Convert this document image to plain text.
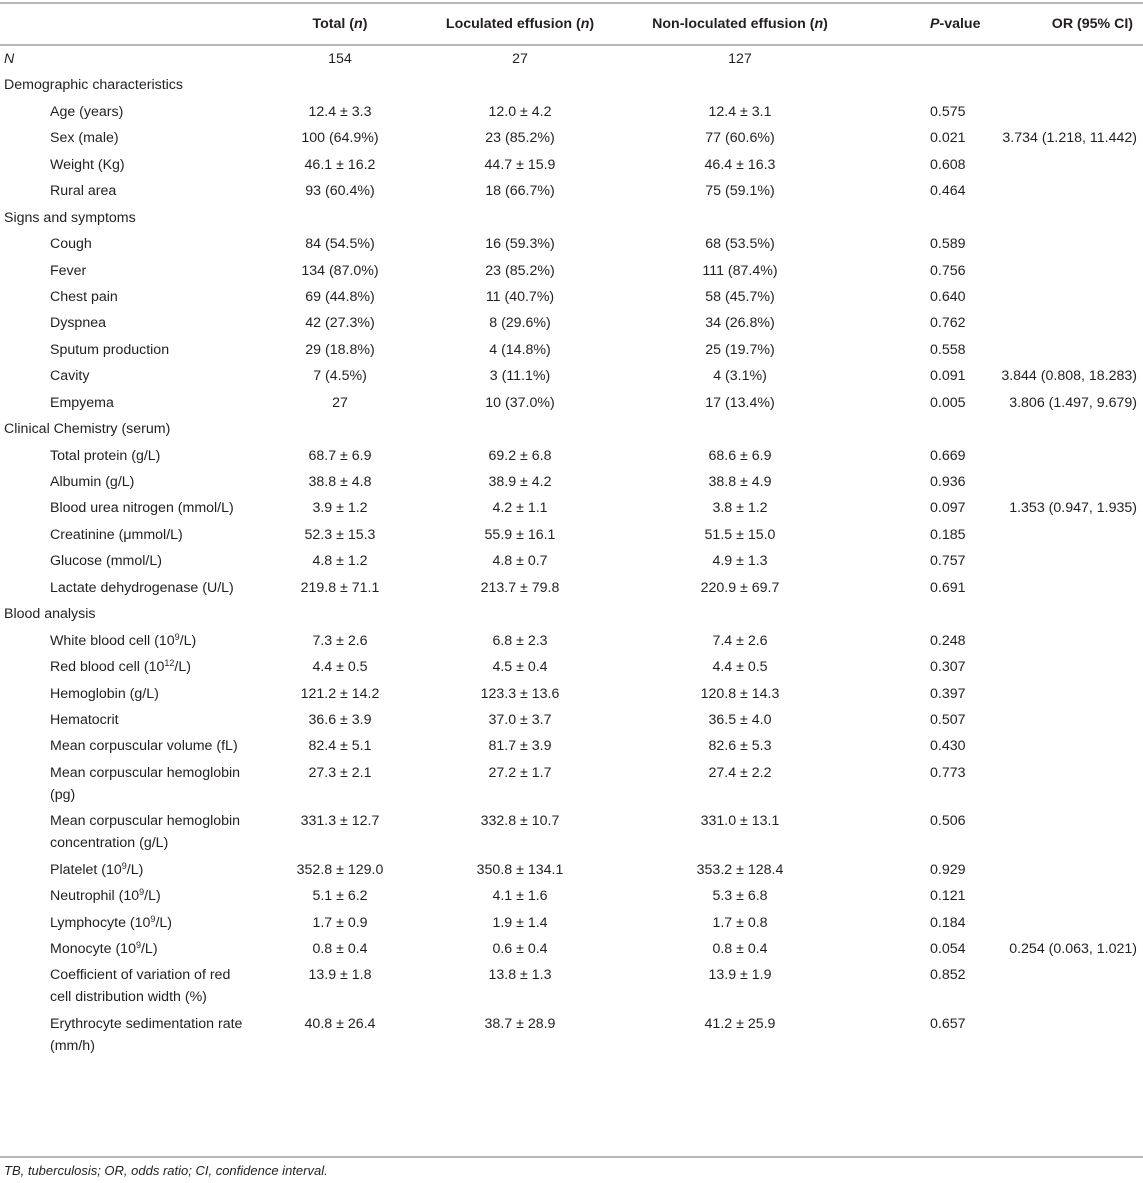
	Total (n)	Loculated effusion (n)	Non-loculated effusion (n)	P-value	OR (95% CI)
N	154	27	127		
Demographic characteristics					
Age (years)	12.4 ± 3.3	12.0 ± 4.2	12.4 ± 3.1	0.575	
Sex (male)	100 (64.9%)	23 (85.2%)	77 (60.6%)	0.021	3.734 (1.218, 11.442)
Weight (Kg)	46.1 ± 16.2	44.7 ± 15.9	46.4 ± 16.3	0.608	
Rural area	93 (60.4%)	18 (66.7%)	75 (59.1%)	0.464	
Signs and symptoms					
Cough	84 (54.5%)	16 (59.3%)	68 (53.5%)	0.589	
Fever	134 (87.0%)	23 (85.2%)	111 (87.4%)	0.756	
Chest pain	69 (44.8%)	11 (40.7%)	58 (45.7%)	0.640	
Dyspnea	42 (27.3%)	8 (29.6%)	34 (26.8%)	0.762	
Sputum production	29 (18.8%)	4 (14.8%)	25 (19.7%)	0.558	
Cavity	7 (4.5%)	3 (11.1%)	4 (3.1%)	0.091	3.844 (0.808, 18.283)
Empyema	27	10 (37.0%)	17 (13.4%)	0.005	3.806 (1.497, 9.679)
Clinical Chemistry (serum)					
Total protein (g/L)	68.7 ± 6.9	69.2 ± 6.8	68.6 ± 6.9	0.669	
Albumin (g/L)	38.8 ± 4.8	38.9 ± 4.2	38.8 ± 4.9	0.936	
Blood urea nitrogen (mmol/L)	3.9 ± 1.2	4.2 ± 1.1	3.8 ± 1.2	0.097	1.353 (0.947, 1.935)
Creatinine (μmmol/L)	52.3 ± 15.3	55.9 ± 16.1	51.5 ± 15.0	0.185	
Glucose (mmol/L)	4.8 ± 1.2	4.8 ± 0.7	4.9 ± 1.3	0.757	
Lactate dehydrogenase (U/L)	219.8 ± 71.1	213.7 ± 79.8	220.9 ± 69.7	0.691	
Blood analysis					
White blood cell $(10^9/L)$	7.3 ± 2.6	6.8 ± 2.3	7.4 ± 2.6	0.248	
Red blood cell $(10^{12}/L)$	4.4 ± 0.5	4.5 ± 0.4	4.4 ± 0.5	0.307	
Hemoglobin (g/L)	121.2 ± 14.2	123.3 ± 13.6	120.8 ± 14.3	0.397	
Hematocrit	36.6 ± 3.9	37.0 ± 3.7	36.5 ± 4.0	0.507	
Mean corpuscular volume (fL)	82.4 ± 5.1	81.7 ± 3.9	82.6 ± 5.3	0.430	
Mean corpuscular hemoglobin (pg)	27.3 ± 2.1	27.2 ± 1.7	27.4 ± 2.2	0.773	
Mean corpuscular hemoglobin concentration (g/L)	331.3 ± 12.7	332.8 ± 10.7	331.0 ± 13.1	0.506	
Platelet $(10^9/L)$	352.8 ± 129.0	350.8 ± 134.1	353.2 ± 128.4	0.929	
Neutrophil $(10^9/L)$	5.1 ± 6.2	4.1 ± 1.6	5.3 ± 6.8	0.121	
Lymphocyte $(10^9/L)$	1.7 ± 0.9	1.9 ± 1.4	1.7 ± 0.8	0.184	
Monocyte $(10^9/L)$	0.8 ± 0.4	0.6 ± 0.4	0.8 ± 0.4	0.054	0.254 (0.063, 1.021)
Coefficient of variation of red cell distribution width (%)	13.9 ± 1.8	13.8 ± 1.3	13.9 ± 1.9	0.852	
Erythrocyte sedimentation rate (mm/h)	40.8 ± 26.4	38.7 ± 28.9	41.2 ± 25.9	0.657	
TB, tuberculosis; OR, odds ratio; CI, confidence interval.
